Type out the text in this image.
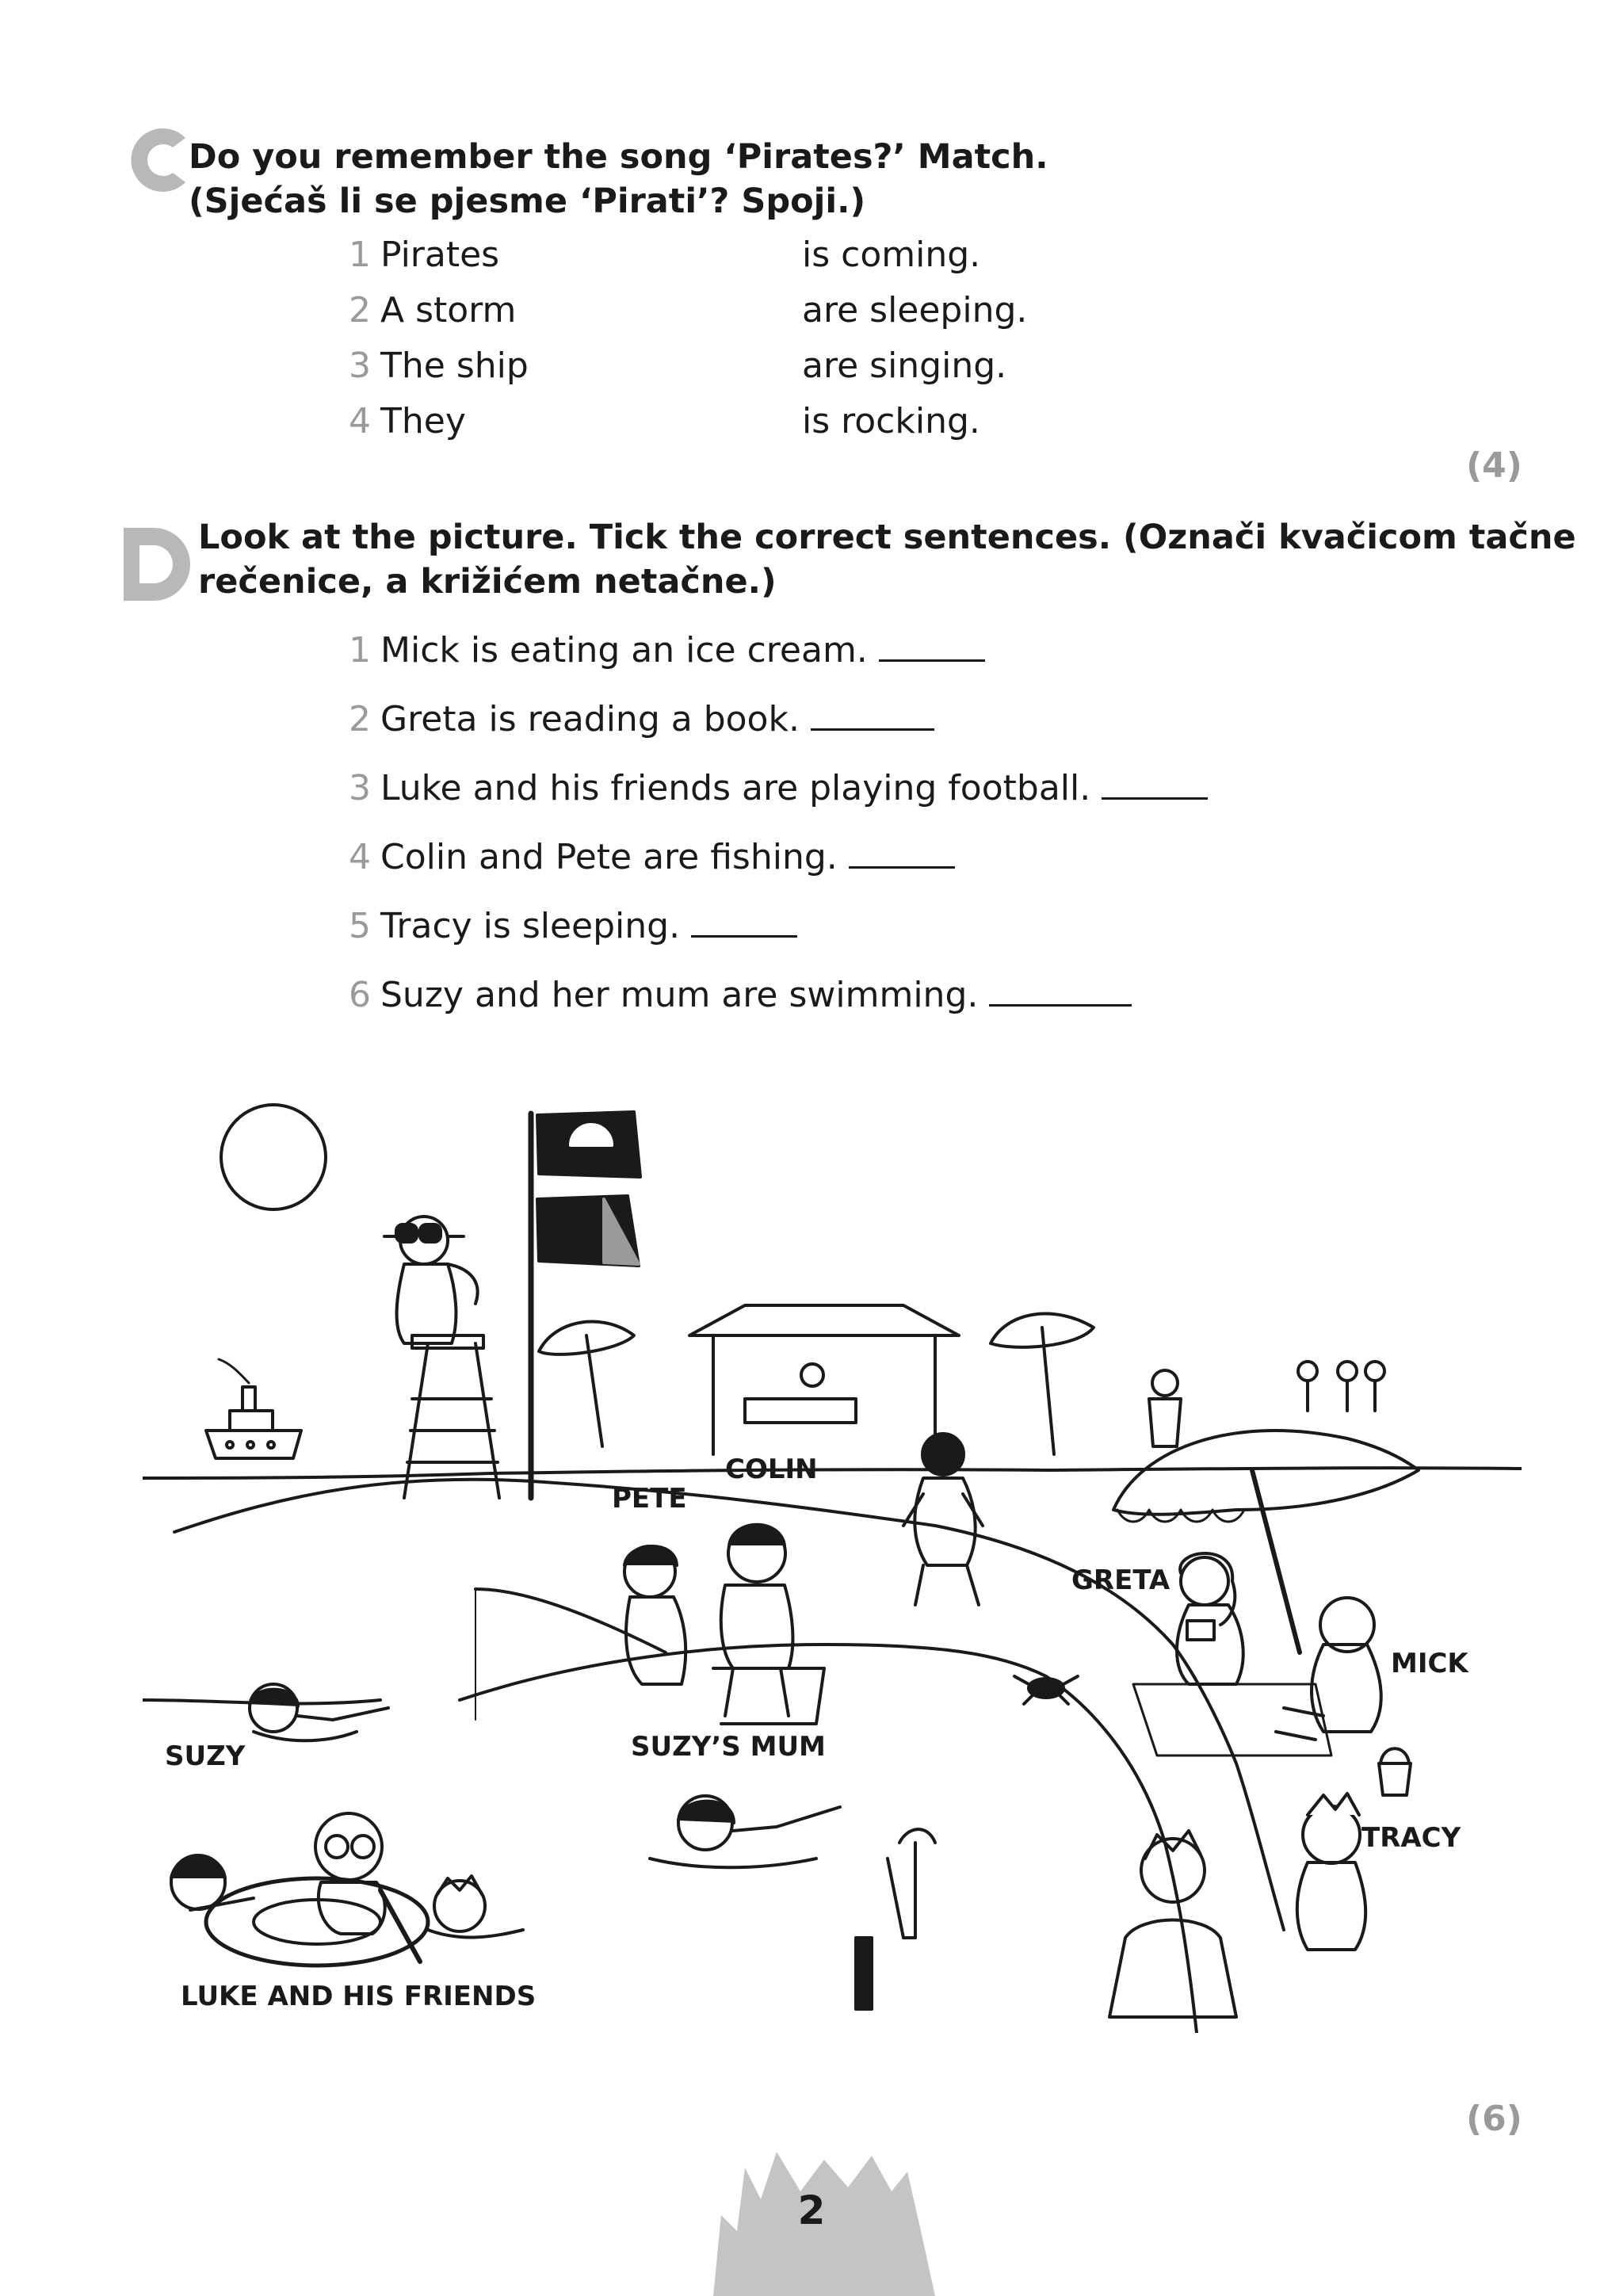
Do you remember the song ‘Pirates?’ Match.
(Sjećaš li se pjesme ‘Pirati’? Spoji.)
1 Pirates
2 A storm
3 The ship
4 They
is coming.
are sleeping.
are singing.
is rocking.
(4)
Look at the picture. Tick the correct sentences. (Označi kvačicom tačne
rečenice, a križićem netačne.)
1 Mick is eating an ice cream.
2 Greta is reading a book.
3 Luke and his friends are playing football.
4 Colin and Pete are fishing.
5 Tracy is sleeping.
6 Suzy and her mum are swimming.
COLIN
PETE
GRETA
MICK
SUZY	SUZY’S MUM
TRACY
LUKE AND HIS FRIENDS
(6)
2
